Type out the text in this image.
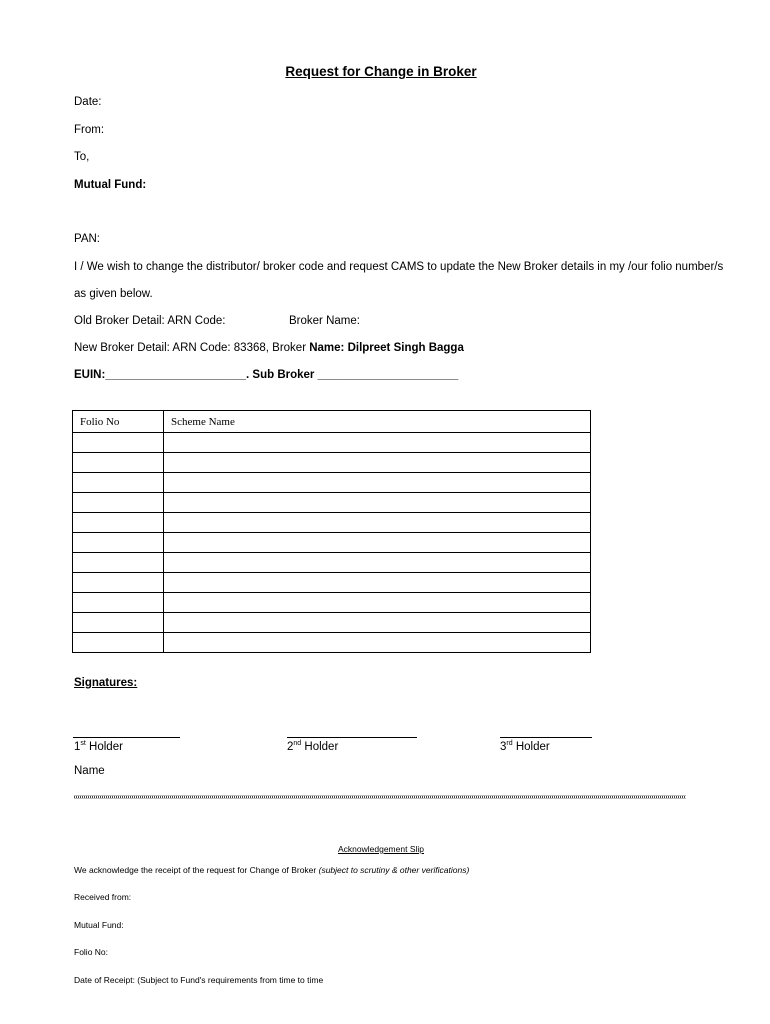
Request for Change in Broker
Date:
From:
To,
Mutual Fund:
PAN:
I / We wish to change the distributor/ broker code and request CAMS to update the New Broker details in my /our folio number/s
as given below.
Old Broker Detail: ARN Code:	Broker Name:
New Broker Detail: ARN Code: 83368, Broker Name: Dilpreet Singh Bagga
EUIN:______________________. Sub Broker ______________________
Folio No	Scheme Name

Signatures:
1st Holder	2nd Holder	3rd Holder
Name
Acknowledgement Slip
We acknowledge the receipt of the request for Change of Broker (subject to scrutiny & other verifications)
Received from:
Mutual Fund:
Folio No:
Date of Receipt: (Subject to Fund's requirements from time to time
